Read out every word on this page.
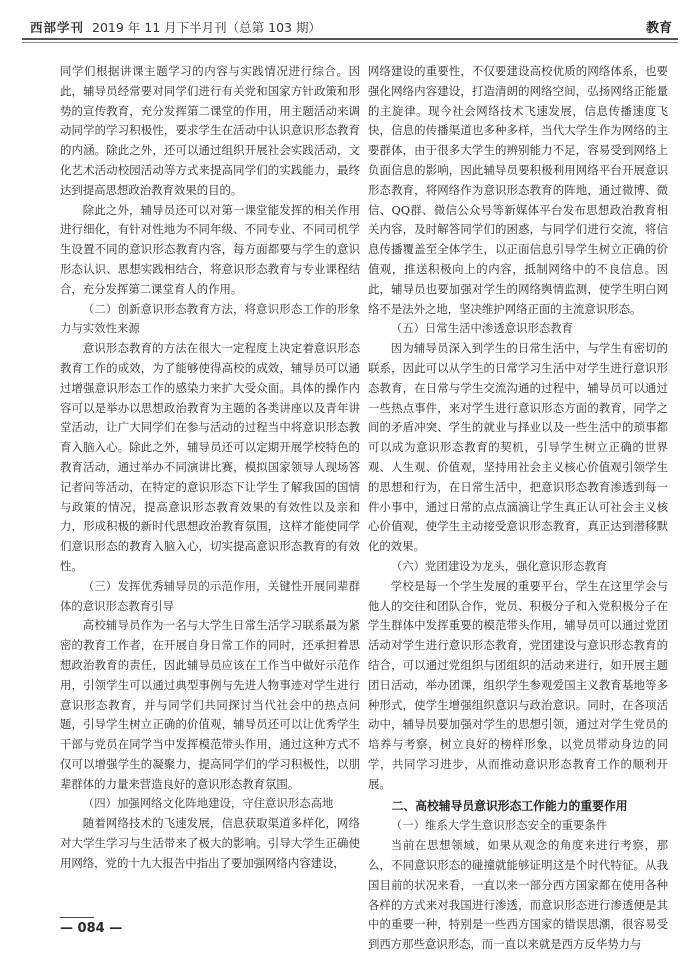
西部学刊 2019 年 11 月下半月刊（总第 103 期）	教育

同学们根据讲课主题学习的内容与实践情况进行综合。因此，辅导员经常要对同学们进行有关党和国家方针政策和形势的宣传教育，充分发挥第二课堂的作用，用主题活动来调动同学的学习积极性，要求学生在活动中认识意识形态教育的内涵。除此之外，还可以通过组织开展社会实践活动，文化艺术活动校园活动等方式来提高同学们的实践能力，最终达到提高思想政治教育效果的目的。

除此之外，辅导员还可以对第一课堂能发挥的相关作用进行细化，有针对性地为不同年级、不同专业、不同司机学生设置不同的意识形态教育内容，每方面都要与学生的意识形态认识、思想实践相结合，将意识形态教育与专业课程结合，充分发挥第二课堂育人的作用。

（二）创新意识形态教育方法，将意识形态工作的形象力与实效性来源

意识形态教育的方法在很大一定程度上决定着意识形态教育工作的成效，为了能够使得高校的成效，辅导员可以通过增强意识形态工作的感染力来扩大受众面。具体的操作内容可以是举办以思想政治教育为主题的各类讲座以及青年讲堂活动，让广大同学们在参与活动的过程当中将意识形态教育入脑入心。除此之外，辅导员还可以定期开展学校特色的教育活动，通过举办不同演讲比赛，模拟国家领导人现场答记者问等活动，在特定的意识形态下让学生了解我国的国情与政策的情况，提高意识形态教育效果的有效性以及亲和力，形成积极的新时代思想政治教育氛围，这样才能使同学们意识形态的教育入脑入心，切实提高意识形态教育的有效性。

（三）发挥优秀辅导员的示范作用，关键性开展同辈群体的意识形态教育引导

高校辅导员作为一名与大学生日常生活学习联系最为紧密的教育工作者，在开展自身日常工作的同时，还承担着思想政治教育的责任，因此辅导员应该在工作当中做好示范作用，引领学生可以通过典型事例与先进人物事迹对学生进行意识形态教育，并与同学们共同探讨当代社会中的热点问题，引导学生树立正确的价值观，辅导员还可以让优秀学生干部与党员在同学当中发挥模范带头作用，通过这种方式不仅可以增强学生的凝聚力，提高同学们的学习积极性，以朋辈群体的力量来营造良好的意识形态教育氛围。

（四）加强网络文化阵地建设，守住意识形态高地

随着网络技术的飞速发展，信息获取渠道多样化，网络对大学生学习与生活带来了极大的影响。引导大学生正确使用网络，党的十九大报告中指出了要加强网络内容建设，

网络建设的重要性，不仅要建设高校优质的网络体系，也要强化网络内容建设，打造清朗的网络空间，弘扬网络正能量的主旋律。现今社会网络技术飞速发展，信息传播速度飞快，信息的传播渠道也多种多样，当代大学生作为网络的主要群体，由于很多大学生的辨别能力不足，容易受到网络上负面信息的影响，因此辅导员要积极利用网络平台开展意识形态教育，将网络作为意识形态教育的阵地，通过微博、微信、QQ群、微信公众号等新媒体平台发布思想政治教育相关内容，及时解答同学们的困惑，与同学们进行交流，将信息传播覆盖至全体学生，以正面信息引导学生树立正确的价值观，推送积极向上的内容，抵制网络中的不良信息。因此，辅导员也要加强对学生的网络舆情监测，使学生明白网络不是法外之地，坚决维护网络正面的主流意识形态。

（五）日常生活中渗透意识形态教育

因为辅导员深入到学生的日常生活中，与学生有密切的联系，因此可以从学生的日常学习生活中对学生进行意识形态教育，在日常与学生交流沟通的过程中，辅导员可以通过一些热点事件，来对学生进行意识形态方面的教育，同学之间的矛盾冲突、学生的就业与择业以及一些生活中的琐事都可以成为意识形态教育的契机，引导学生树立正确的世界观、人生观、价值观，坚持用社会主义核心价值观引领学生的思想和行为，在日常生活中，把意识形态教育渗透到每一件小事中，通过日常的点点滴滴让学生真正认可社会主义核心价值观，使学生主动接受意识形态教育，真正达到潜移默化的效果。

（六）党团建设为龙头，强化意识形态教育

学校是每一个学生发展的重要平台，学生在这里学会与他人的交往和团队合作，党员、积极分子和入党积极分子在学生群体中发挥重要的模范带头作用，辅导员可以通过党团活动对学生进行意识形态教育，党团建设与意识形态教育的结合，可以通过党组织与团组织的活动来进行，如开展主题团日活动，举办团课，组织学生参观爱国主义教育基地等多种形式，使学生增强组织意识与政治意识。同时，在各项活动中，辅导员要加强对学生的思想引领，通过对学生党员的培养与考察，树立良好的榜样形象，以党员带动身边的同学，共同学习进步，从而推动意识形态教育工作的顺利开展。

二、高校辅导员意识形态工作能力的重要作用
（一）维系大学生意识形态安全的重要条件

当前在思想领域，如果从观念的角度来进行考察，那么，不同意识形态的碰撞就能够证明这是个时代特征。从我国目前的状况来看，一直以来一部分西方国家都在使用各种各样的方式来对我国进行渗透，而意识形态进行渗透便是其中的重要一种，特别是一些西方国家的错误思潮，很容易受到西方那些意识形态，而一直以来就是西方反华势力与

— 084 —
